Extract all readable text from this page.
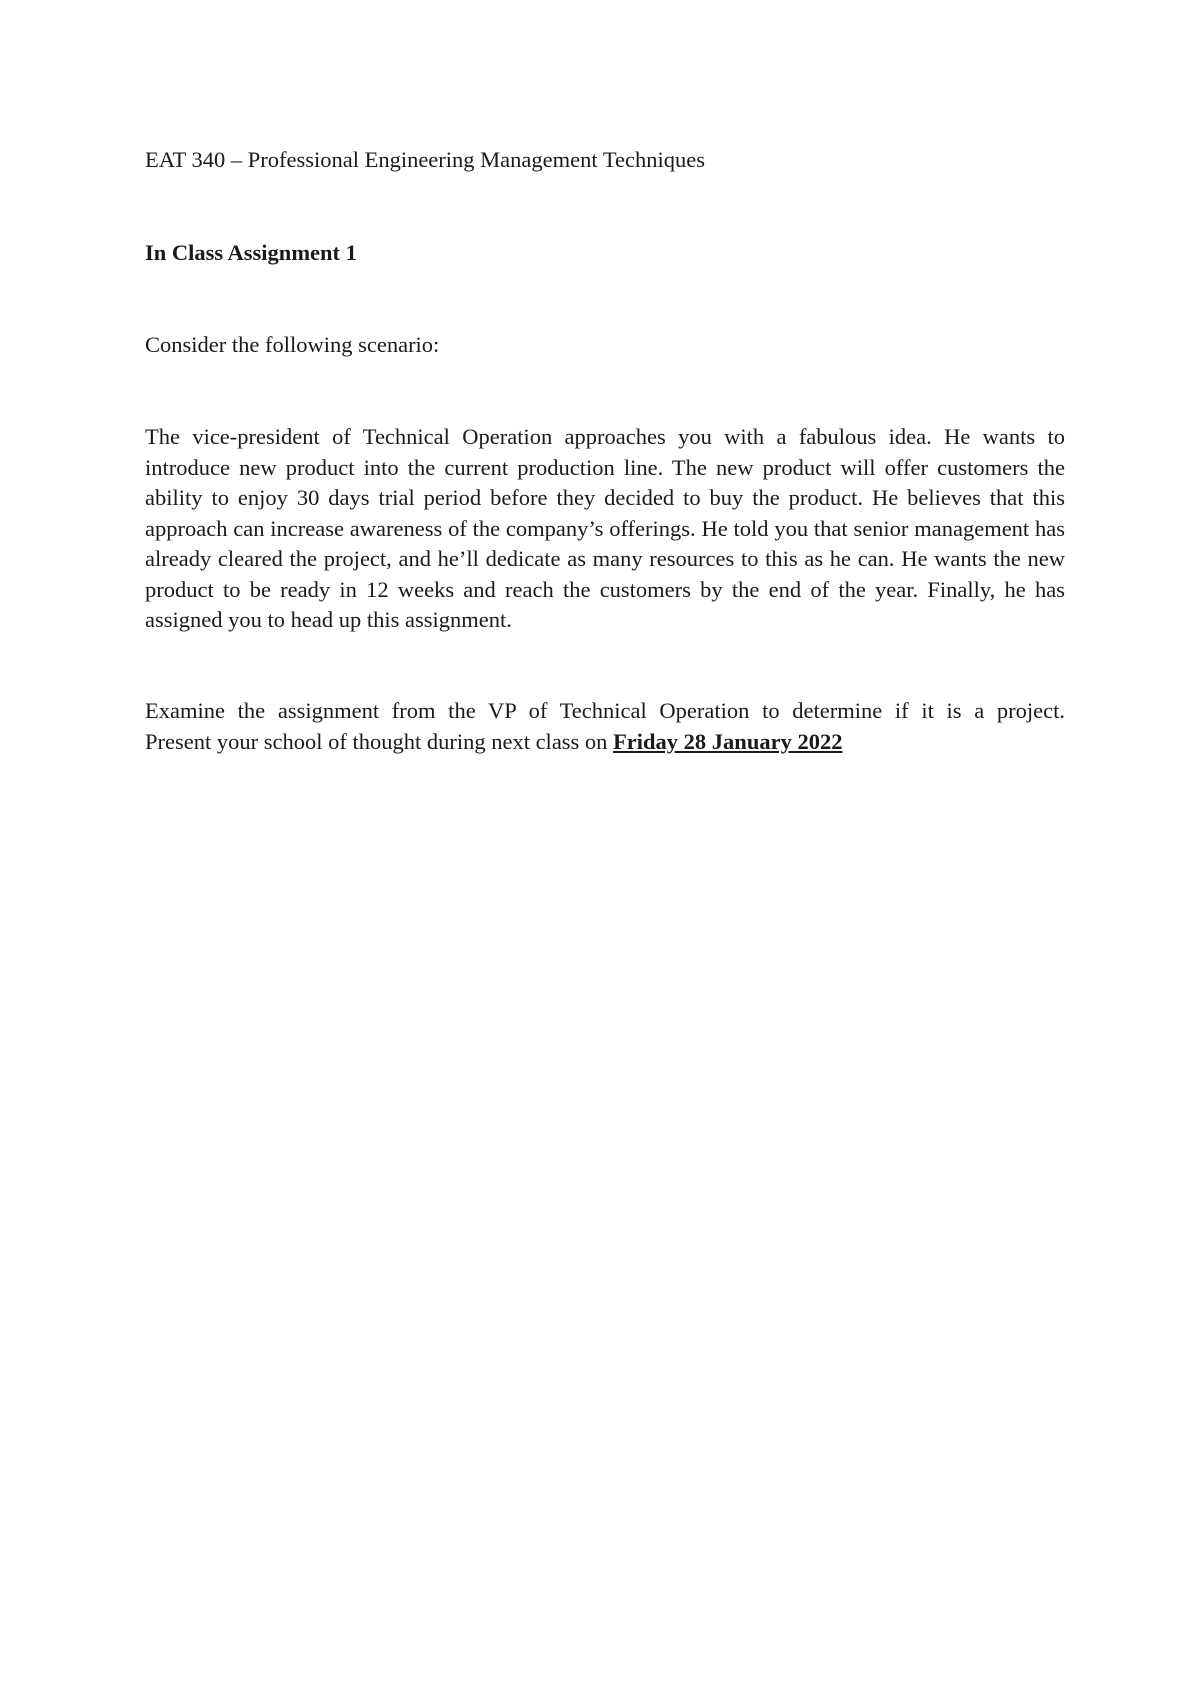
EAT 340 – Professional Engineering Management Techniques

In Class Assignment 1

Consider the following scenario:

The vice-president of Technical Operation approaches you with a fabulous idea. He wants to introduce new product into the current production line. The new product will offer customers the ability to enjoy 30 days trial period before they decided to buy the product. He believes that this approach can increase awareness of the company’s offerings. He told you that senior management has already cleared the project, and he’ll dedicate as many resources to this as he can. He wants the new product to be ready in 12 weeks and reach the customers by the end of the year. Finally, he has assigned you to head up this assignment.

Examine the assignment from the VP of Technical Operation to determine if it is a project.
Present your school of thought during next class on Friday 28 January 2022
